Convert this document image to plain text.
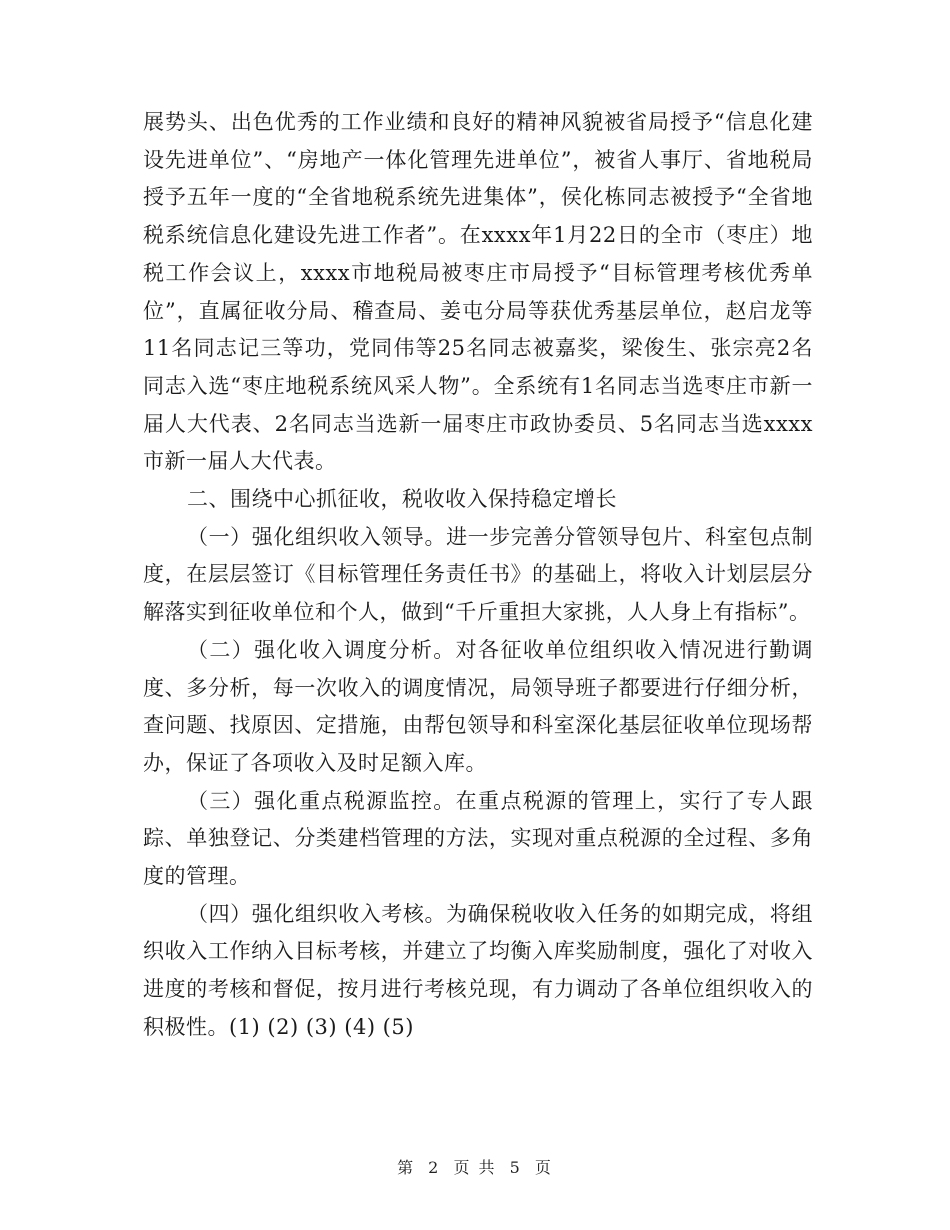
展势头、出色优秀的工作业绩和良好的精神风貌被省局授予“信息化建设先进单位”、“房地产一体化管理先进单位”，被省人事厅、省地税局授予五年一度的“全省地税系统先进集体”，侯化栋同志被授予“全省地税系统信息化建设先进工作者”。在xxxx年1月22日的全市（枣庄）地税工作会议上，xxxx市地税局被枣庄市局授予“目标管理考核优秀单位”，直属征收分局、稽查局、姜屯分局等获优秀基层单位，赵启龙等11名同志记三等功，党同伟等25名同志被嘉奖，梁俊生、张宗亮2名同志入选“枣庄地税系统风采人物”。全系统有1名同志当选枣庄市新一届人大代表、2名同志当选新一届枣庄市政协委员、5名同志当选xxxx市新一届人大代表。

二、围绕中心抓征收，税收收入保持稳定增长

（一）强化组织收入领导。进一步完善分管领导包片、科室包点制度，在层层签订《目标管理任务责任书》的基础上，将收入计划层层分解落实到征收单位和个人，做到“千斤重担大家挑，人人身上有指标”。

（二）强化收入调度分析。对各征收单位组织收入情况进行勤调度、多分析，每一次收入的调度情况，局领导班子都要进行仔细分析，查问题、找原因、定措施，由帮包领导和科室深化基层征收单位现场帮办，保证了各项收入及时足额入库。

（三）强化重点税源监控。在重点税源的管理上，实行了专人跟踪、单独登记、分类建档管理的方法，实现对重点税源的全过程、多角度的管理。

（四）强化组织收入考核。为确保税收收入任务的如期完成，将组织收入工作纳入目标考核，并建立了均衡入库奖励制度，强化了对收入进度的考核和督促，按月进行考核兑现，有力调动了各单位组织收入的积极性。(1) (2) (3) (4) (5)

第 2 页 共 5 页
